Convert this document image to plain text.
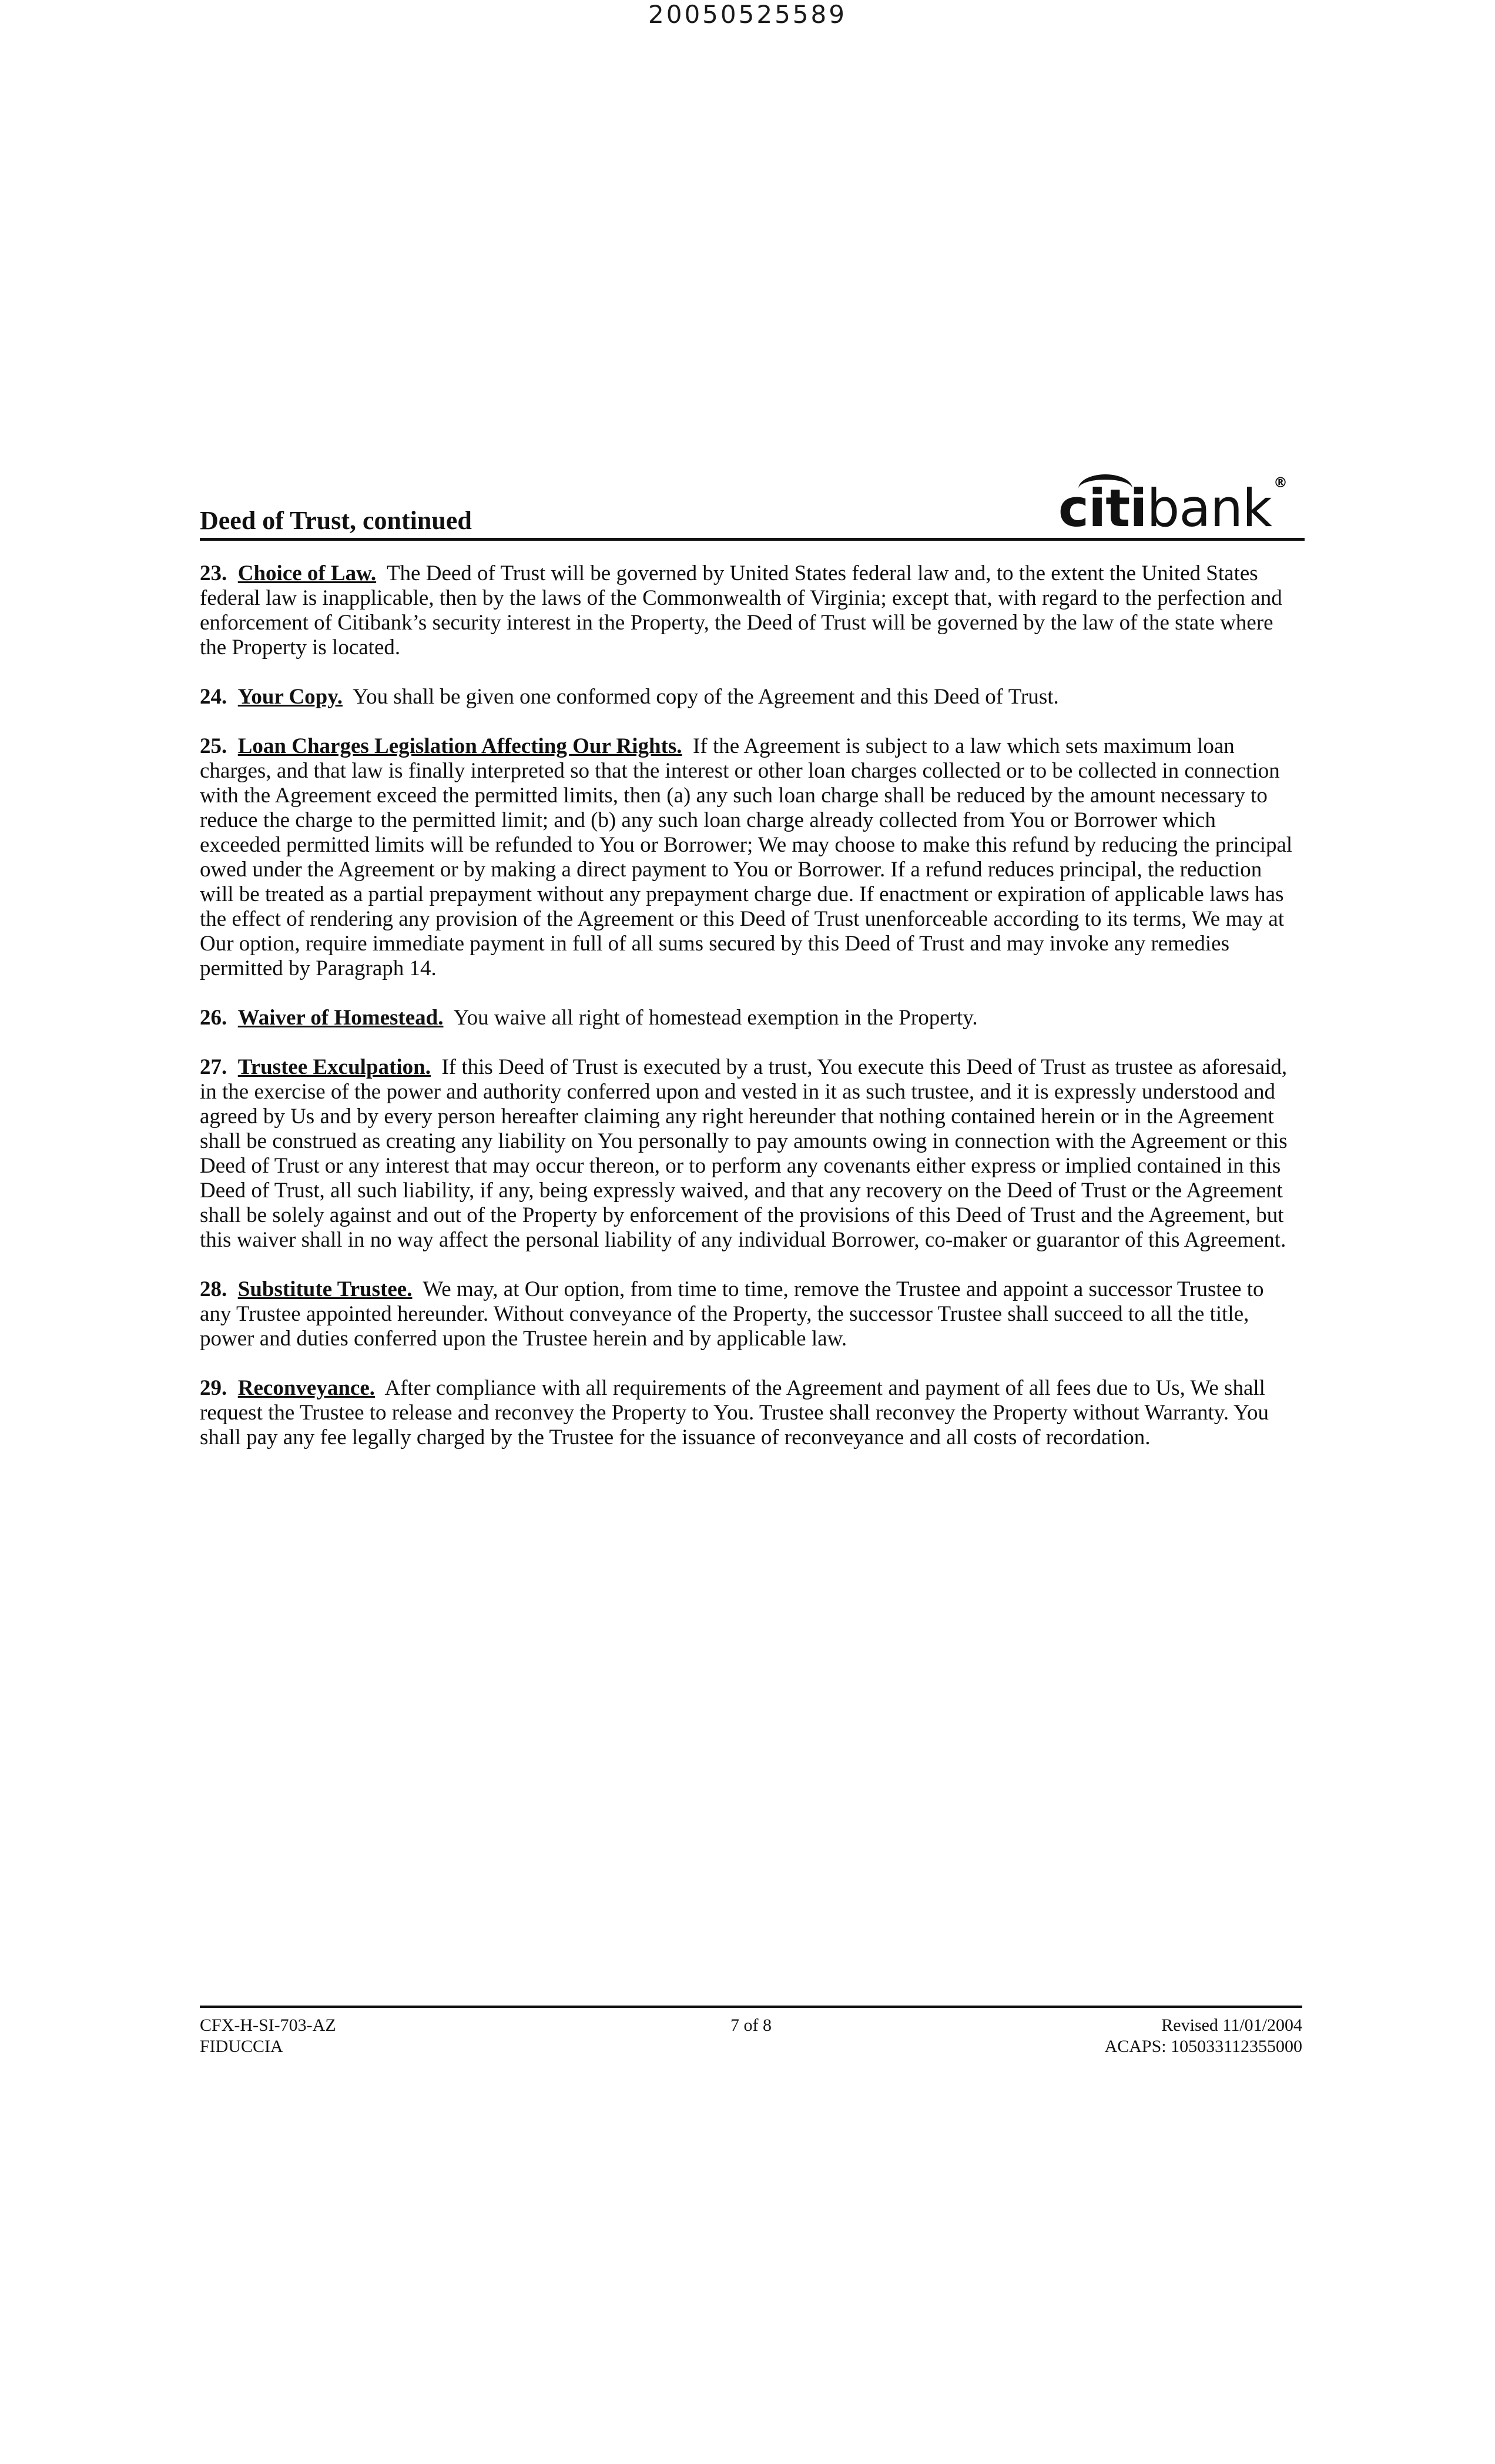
20050525589
Deed of Trust, continued	citi
bank ®

23. Choice of Law. The Deed of Trust will be governed by United States federal law and, to the extent the United States federal law is inapplicable, then by the laws of the Commonwealth of Virginia; except that, with regard to the perfection and enforcement of Citibank’s security interest in the Property, the Deed of Trust will be governed by the law of the state where the Property is located.

24. Your Copy. You shall be given one conformed copy of the Agreement and this Deed of Trust.

25. Loan Charges Legislation Affecting Our Rights. If the Agreement is subject to a law which sets maximum loan charges, and that law is finally interpreted so that the interest or other loan charges collected or to be collected in connection with the Agreement exceed the permitted limits, then (a) any such loan charge shall be reduced by the amount necessary to reduce the charge to the permitted limit; and (b) any such loan charge already collected from You or Borrower which exceeded permitted limits will be refunded to You or Borrower; We may choose to make this refund by reducing the principal owed under the Agreement or by making a direct payment to You or Borrower. If a refund reduces principal, the reduction will be treated as a partial prepayment without any prepayment charge due. If enactment or expiration of applicable laws has the effect of rendering any provision of the Agreement or this Deed of Trust unenforceable according to its terms, We may at Our option, require immediate payment in full of all sums secured by this Deed of Trust and may invoke any remedies permitted by Paragraph 14.

26. Waiver of Homestead. You waive all right of homestead exemption in the Property.

27. Trustee Exculpation. If this Deed of Trust is executed by a trust, You execute this Deed of Trust as trustee as aforesaid, in the exercise of the power and authority conferred upon and vested in it as such trustee, and it is expressly understood and agreed by Us and by every person hereafter claiming any right hereunder that nothing contained herein or in the Agreement shall be construed as creating any liability on You personally to pay amounts owing in connection with the Agreement or this Deed of Trust or any interest that may occur thereon, or to perform any covenants either express or implied contained in this Deed of Trust, all such liability, if any, being expressly waived, and that any recovery on the Deed of Trust or the Agreement shall be solely against and out of the Property by enforcement of the provisions of this Deed of Trust and the Agreement, but this waiver shall in no way affect the personal liability of any individual Borrower, co-maker or guarantor of this Agreement.

28. Substitute Trustee. We may, at Our option, from time to time, remove the Trustee and appoint a successor Trustee to any Trustee appointed hereunder. Without conveyance of the Property, the successor Trustee shall succeed to all the title, power and duties conferred upon the Trustee herein and by applicable law.

29. Reconveyance. After compliance with all requirements of the Agreement and payment of all fees due to Us, We shall request the Trustee to release and reconvey the Property to You. Trustee shall reconvey the Property without Warranty. You shall pay any fee legally charged by the Trustee for the issuance of reconveyance and all costs of recordation.

CFX-H-SI-703-AZ
FIDUCCIA
7 of 8	Revised 11/01/2004
ACAPS: 105033112355000
